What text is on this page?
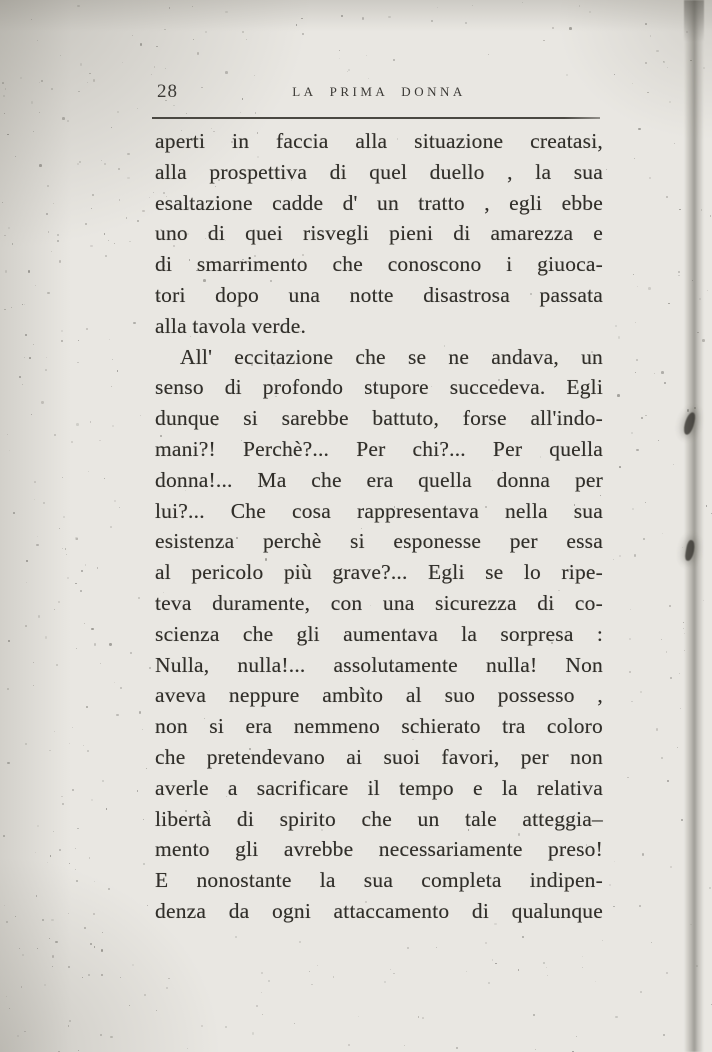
28	LA PRIMA DONNA
aperti in faccia alla situazione creatasi,
alla prospettiva di quel duello , la sua
esaltazione cadde d' un tratto , egli ebbe
uno di quei risvegli pieni di amarezza e
di smarrimento che conoscono i giuoca-
tori dopo una notte disastrosa passata
alla tavola verde.
All' eccitazione che se ne andava, un
senso di profondo stupore succedeva. Egli
dunque si sarebbe battuto, forse all'indo-
mani?! Perchè?... Per chi?... Per quella
donna!... Ma che era quella donna per
lui?... Che cosa rappresentava nella sua
esistenza perchè si esponesse per essa
al pericolo più grave?... Egli se lo ripe-
teva duramente, con una sicurezza di co-
scienza che gli aumentava la sorpresa :
Nulla, nulla!... assolutamente nulla! Non
aveva neppure ambìto al suo possesso ,
non si era nemmeno schierato tra coloro
che pretendevano ai suoi favori, per non
averle a sacrificare il tempo e la relativa
libertà di spirito che un tale atteggia–
mento gli avrebbe necessariamente preso!
E nonostante la sua completa indipen-
denza da ogni attaccamento di qualunque
